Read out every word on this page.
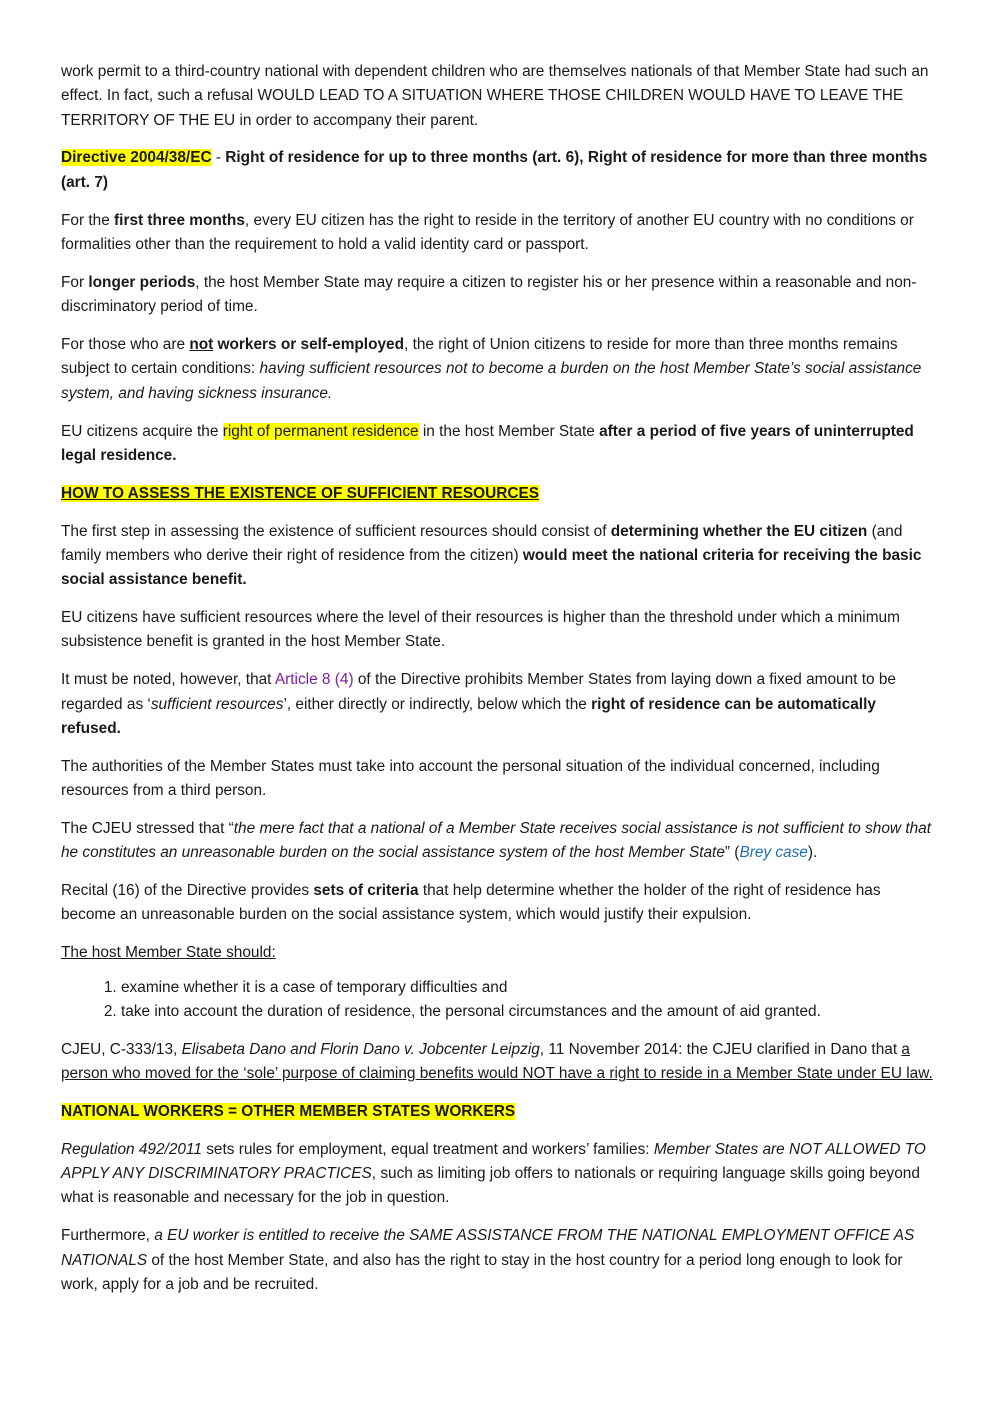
work permit to a third-country national with dependent children who are themselves nationals of that Member State had such an effect. In fact, such a refusal WOULD LEAD TO A SITUATION WHERE THOSE CHILDREN WOULD HAVE TO LEAVE THE TERRITORY OF THE EU in order to accompany their parent.

Directive 2004/38/EC - Right of residence for up to three months (art. 6), Right of residence for more than three months (art. 7)

For the first three months, every EU citizen has the right to reside in the territory of another EU country with no conditions or formalities other than the requirement to hold a valid identity card or passport.

For longer periods, the host Member State may require a citizen to register his or her presence within a reasonable and non-discriminatory period of time.

For those who are not workers or self-employed, the right of Union citizens to reside for more than three months remains subject to certain conditions: having sufficient resources not to become a burden on the host Member State’s social assistance system, and having sickness insurance.

EU citizens acquire the right of permanent residence in the host Member State after a period of five years of uninterrupted legal residence.

HOW TO ASSESS THE EXISTENCE OF SUFFICIENT RESOURCES

The first step in assessing the existence of sufficient resources should consist of determining whether the EU citizen (and family members who derive their right of residence from the citizen) would meet the national criteria for receiving the basic social assistance benefit.

EU citizens have sufficient resources where the level of their resources is higher than the threshold under which a minimum subsistence benefit is granted in the host Member State.

It must be noted, however, that Article 8 (4) of the Directive prohibits Member States from laying down a fixed amount to be regarded as ‘sufficient resources’, either directly or indirectly, below which the right of residence can be automatically refused.

The authorities of the Member States must take into account the personal situation of the individual concerned, including resources from a third person.

The CJEU stressed that “the mere fact that a national of a Member State receives social assistance is not sufficient to show that he constitutes an unreasonable burden on the social assistance system of the host Member State” (Brey case).

Recital (16) of the Directive provides sets of criteria that help determine whether the holder of the right of residence has become an unreasonable burden on the social assistance system, which would justify their expulsion.

The host Member State should:

1. examine whether it is a case of temporary difficulties and
2. take into account the duration of residence, the personal circumstances and the amount of aid granted.

CJEU, C-333/13, Elisabeta Dano and Florin Dano v. Jobcenter Leipzig, 11 November 2014: the CJEU clarified in Dano that a person who moved for the ‘sole’ purpose of claiming benefits would NOT have a right to reside in a Member State under EU law.

NATIONAL WORKERS = OTHER MEMBER STATES WORKERS

Regulation 492/2011 sets rules for employment, equal treatment and workers’ families: Member States are NOT ALLOWED TO APPLY ANY DISCRIMINATORY PRACTICES, such as limiting job offers to nationals or requiring language skills going beyond what is reasonable and necessary for the job in question.

Furthermore, a EU worker is entitled to receive the SAME ASSISTANCE FROM THE NATIONAL EMPLOYMENT OFFICE AS NATIONALS of the host Member State, and also has the right to stay in the host country for a period long enough to look for work, apply for a job and be recruited.
